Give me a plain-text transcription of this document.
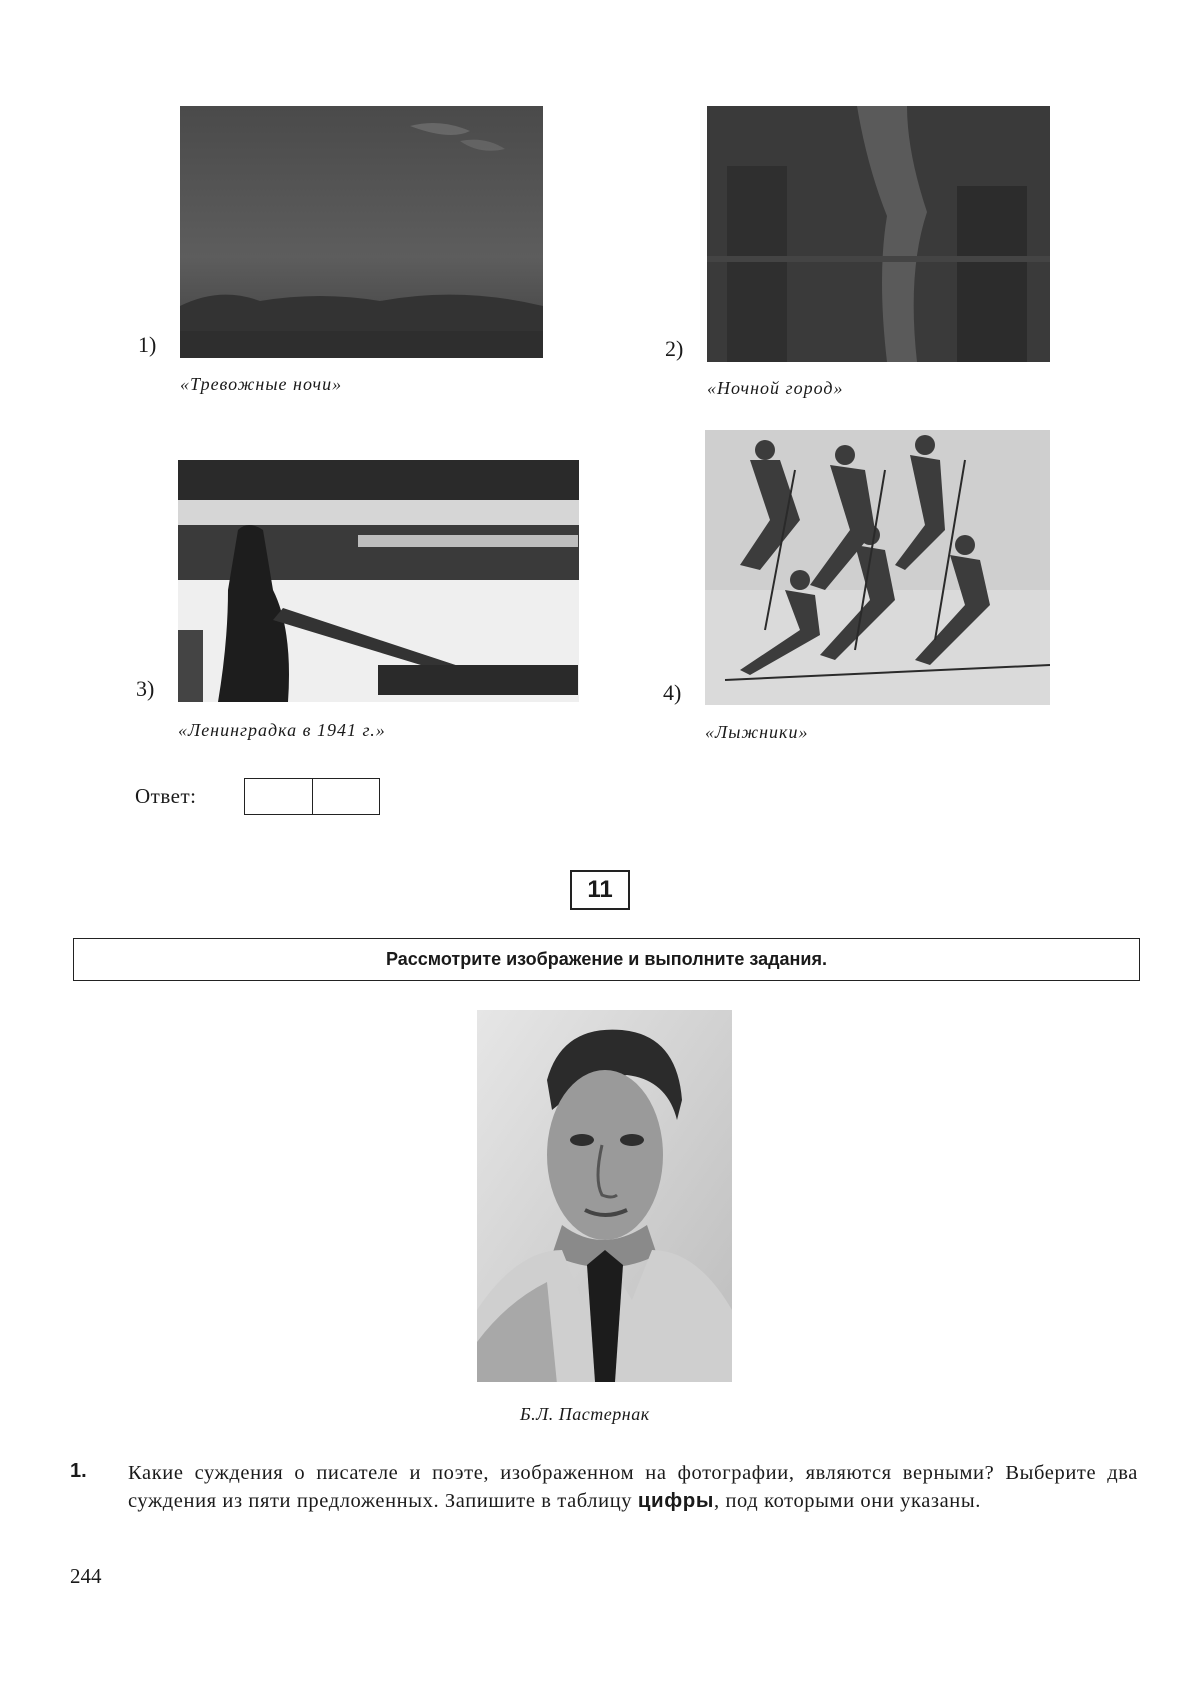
1)
«Тревожные ночи»
2)
«Ночной город»
3)
«Ленинградка в 1941 г.»
4)
«Лыжники»
Ответ:
11
Рассмотрите изображение и выполните задания.
Б.Л. Пастернак
1. Какие суждения о писателе и поэте, изображенном на фотографии, являются верными? Выберите два суждения из пяти предложенных. Запишите в таблицу цифры, под которыми они указаны.
244
